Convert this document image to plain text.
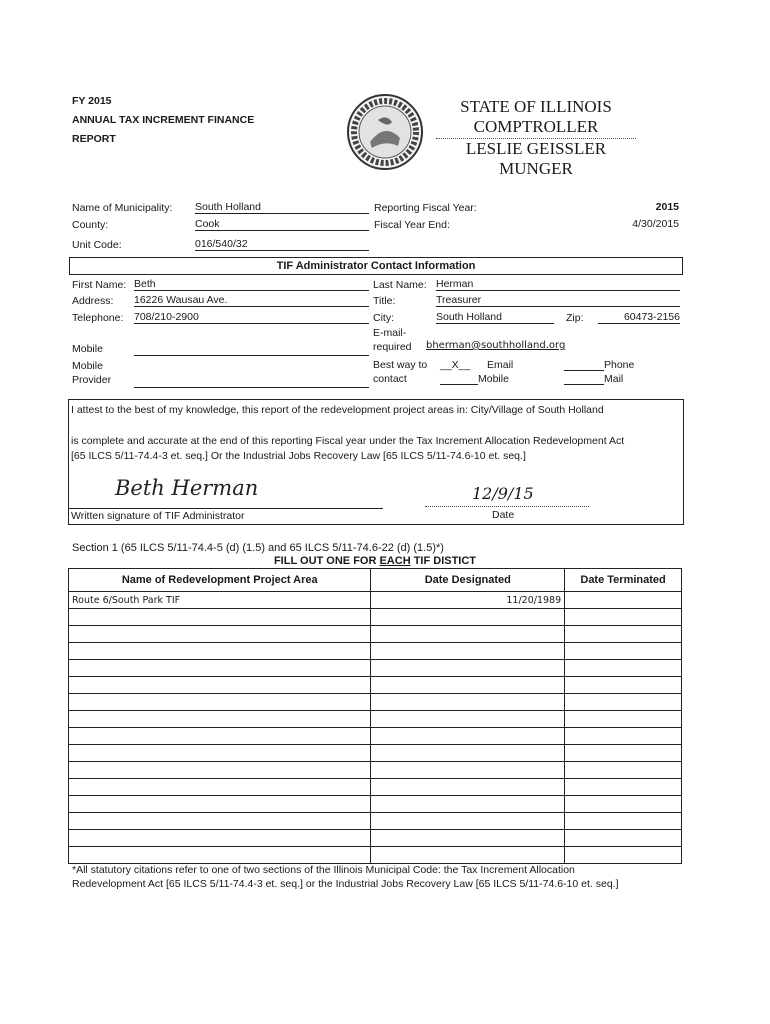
FY 2015
ANNUAL TAX INCREMENT FINANCE
REPORT
STATE OF ILLINOIS
COMPTROLLER
LESLIE GEISSLER MUNGER
Name of Municipality: South Holland
County:	Cook
Unit Code:	016/540/32
Reporting Fiscal Year:	2015
Fiscal Year End:	4/30/2015
TIF Administrator Contact Information
First Name: Beth
Address: 16226 Wausau Ave.
Telephone: 708/210-2900
Mobile
Mobile
Provider
Last Name: Herman
Title:	Treasurer
City:	South Holland	Zip:	60473-2156
E-mail-
required bherman@southholland.org
Best way to
contact
__X__ Email	Phone
Mobile	Mail
I attest to the best of my knowledge, this report of the redevelopment project areas in: City/Village of South Holland
is complete and accurate at the end of this reporting Fiscal year under the Tax Increment Allocation Redevelopment Act
[65 ILCS 5/11-74.4-3 et. seq.] Or the Industrial Jobs Recovery Law [65 ILCS 5/11-74.6-10 et. seq.]
Beth Herman
Written signature of TIF Administrator
12/9/15
Date
Section 1 (65 ILCS 5/11-74.4-5 (d) (1.5) and 65 ILCS 5/11-74.6-22 (d) (1.5)*)
FILL OUT ONE FOR EACH TIF DISTICT
Name of Redevelopment Project Area	Date Designated	Date Terminated
Route 6/South Park TIF	11/20/1989	

*All statutory citations refer to one of two sections of the Illinois Municipal Code: the Tax Increment Allocation
Redevelopment Act [65 ILCS 5/11-74.4-3 et. seq.] or the Industrial Jobs Recovery Law [65 ILCS 5/11-74.6-10 et. seq.]
